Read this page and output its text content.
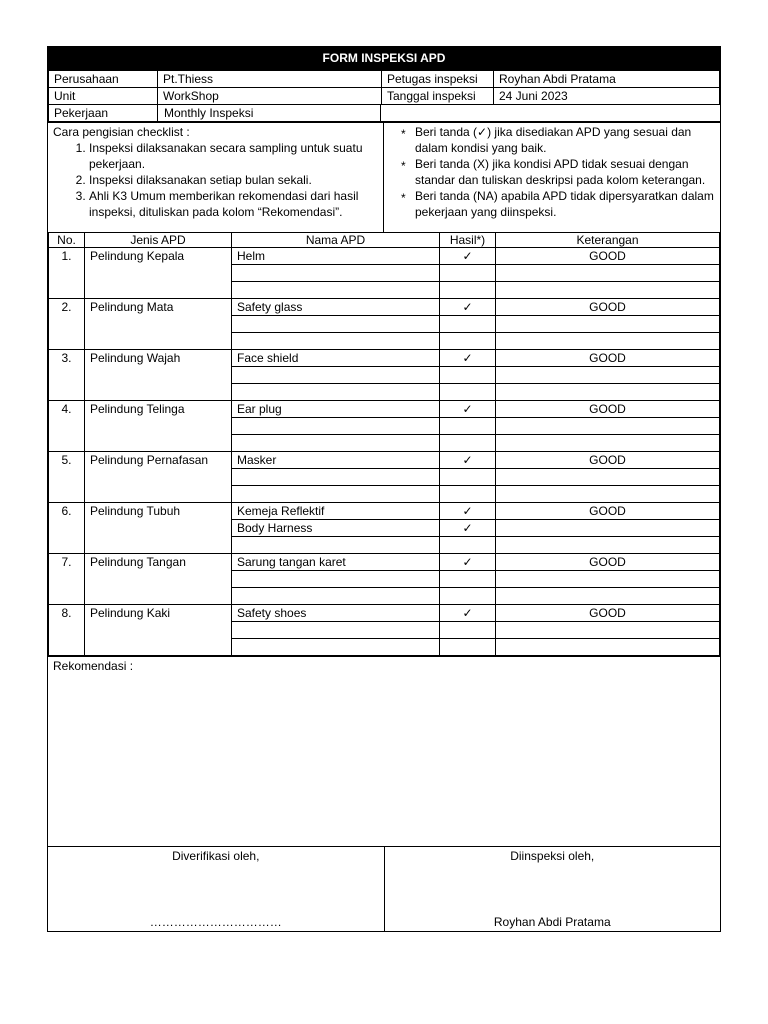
FORM INSPEKSI APD
Perusahaan	Pt.Thiess	Petugas inspeksi	Royhan Abdi Pratama
Unit	WorkShop	Tanggal inspeksi	24 Juni 2023
Pekerjaan	Monthly Inspeksi		
Cara pengisian checklist :
1. Inspeksi dilaksanakan secara sampling untuk suatu pekerjaan.
2. Inspeksi dilaksanakan setiap bulan sekali.
3. Ahli K3 Umum memberikan rekomendasi dari hasil inspeksi, dituliskan pada kolom “Rekomendasi”.
* Beri tanda (✓) jika disediakan APD yang sesuai dan dalam kondisi yang baik.
* Beri tanda (X) jika kondisi APD tidak sesuai dengan standar dan tuliskan deskripsi pada kolom keterangan.
* Beri tanda (NA) apabila APD tidak dipersyaratkan dalam pekerjaan yang diinspeksi.
No.	Jenis APD	Nama APD	Hasil*)	Keterangan
1.	Pelindung Kepala	Helm	✓	GOOD

2.	Pelindung Mata	Safety glass	✓	GOOD

3.	Pelindung Wajah	Face shield	✓	GOOD

4.	Pelindung Telinga	Ear plug	✓	GOOD

5.	Pelindung Pernafasan	Masker	✓	GOOD

6.	Pelindung Tubuh	Kemeja Reflektif	✓	GOOD
		Body Harness	✓	

7.	Pelindung Tangan	Sarung tangan karet	✓	GOOD

8.	Pelindung Kaki	Safety shoes	✓	GOOD

Rekomendasi :
Diverifikasi oleh,
……………………………
Diinspeksi oleh,
Royhan Abdi Pratama
